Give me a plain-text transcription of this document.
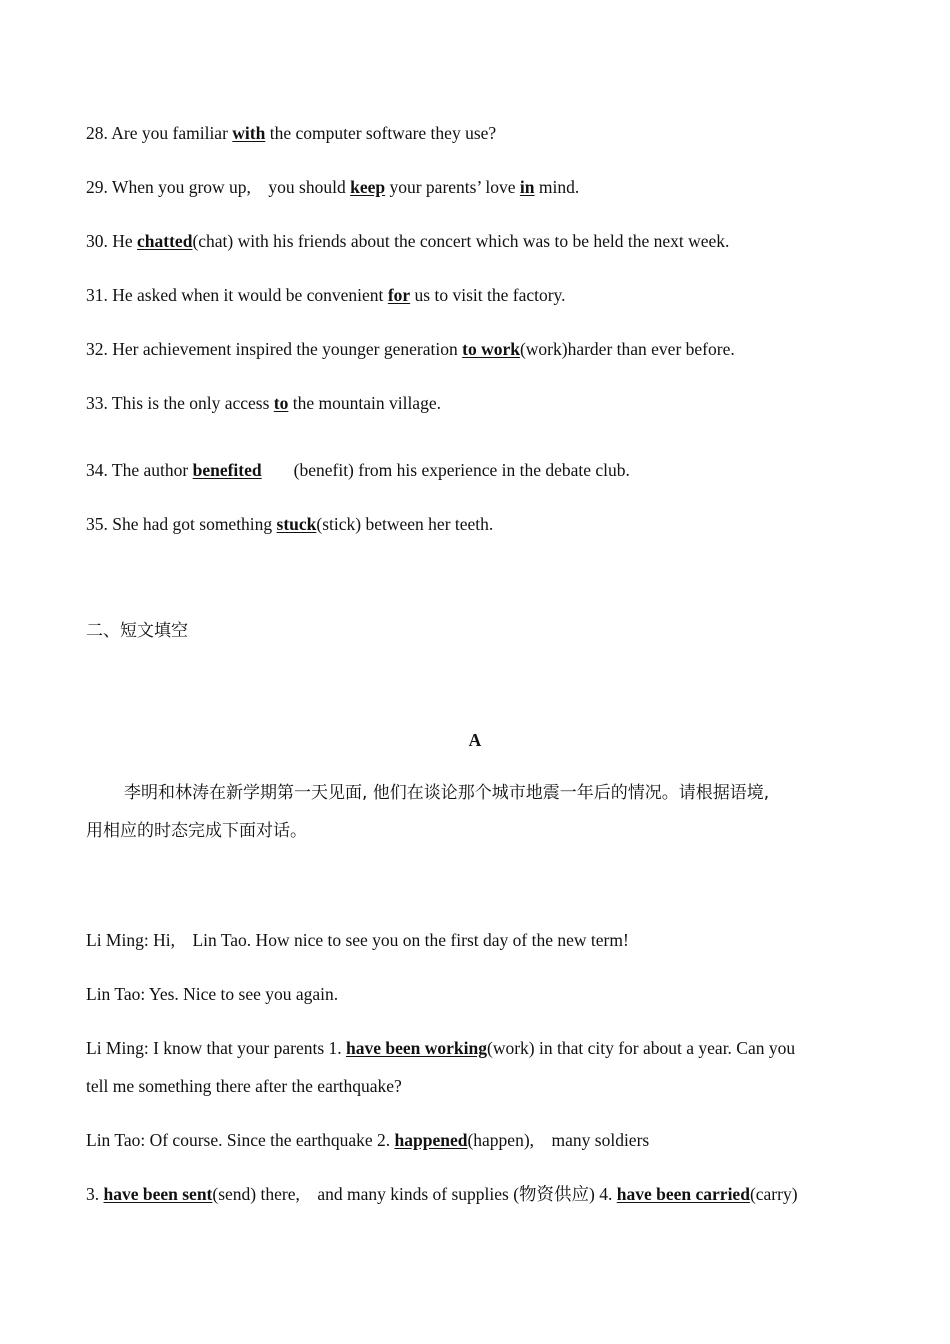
28. Are you familiar with the computer software they use?
29. When you grow up,    you should keep your parents’ love in mind.
30. He chatted(chat) with his friends about the concert which was to be held the next week.
31. He asked when it would be convenient for us to visit the factory.
32. Her achievement inspired the younger generation to work(work)harder than ever before.
33. This is the only access to the mountain village.
34. The author benefited (benefit) from his experience in the debate club.
35. She had got something stuck(stick) between her teeth.
二、短文填空
A
李明和林涛在新学期第一天见面, 他们在谈论那个城市地震一年后的情况。请根据语境,
用相应的时态完成下面对话。
Li Ming: Hi,    Lin Tao. How nice to see you on the first day of the new term!
Lin Tao: Yes. Nice to see you again.
Li Ming: I know that your parents 1. have been working(work) in that city for about a year. Can you
tell me something there after the earthquake?
Lin Tao: Of course. Since the earthquake 2. happened(happen),    many soldiers
3. have been sent(send) there,    and many kinds of supplies (物资供应) 4. have been carried(carry)
